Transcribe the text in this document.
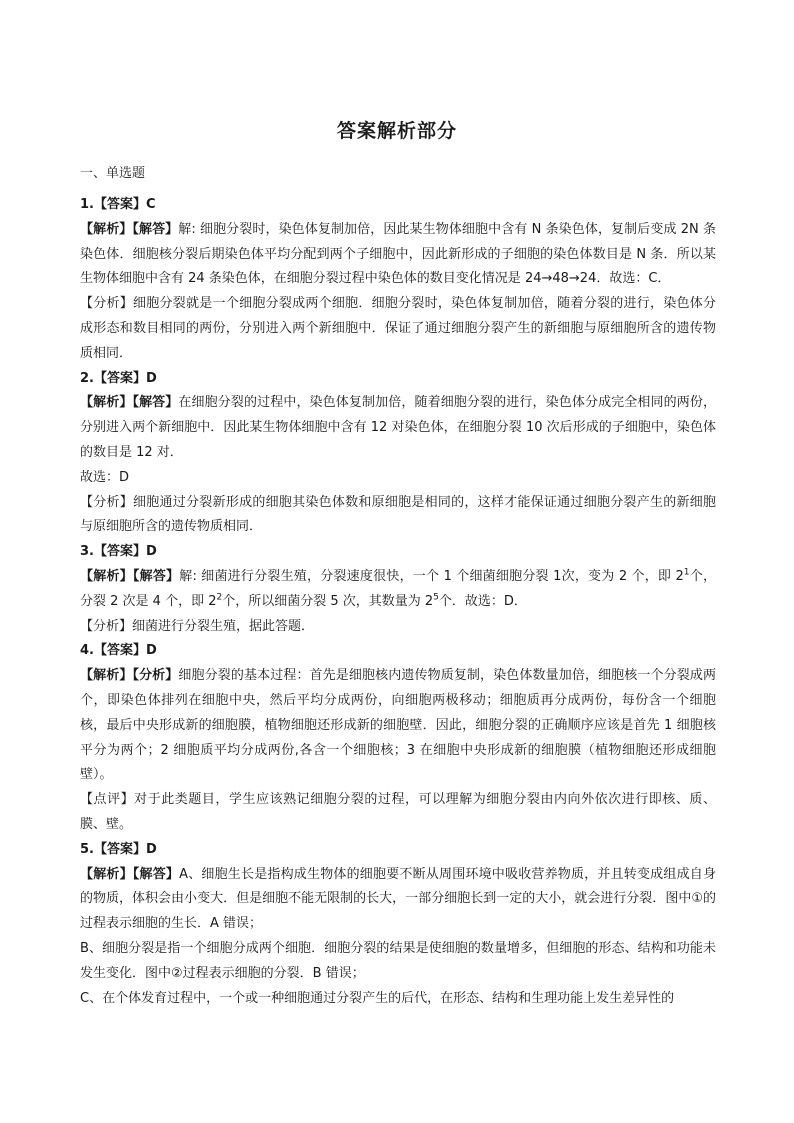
答案解析部分
一、单选题

1.【答案】C

【解析】【解答】解: 细胞分裂时，染色体复制加倍，因此某生物体细胞中含有 N 条染色体，复制后变成 2N 条染色体．细胞核分裂后期染色体平均分配到两个子细胞中，因此新形成的子细胞的染色体数目是 N 条．所以某生物体细胞中含有 24 条染色体，在细胞分裂过程中染色体的数目变化情况是 24→48→24．故选：C．

【分析】细胞分裂就是一个细胞分裂成两个细胞．细胞分裂时，染色体复制加倍，随着分裂的进行，染色体分成形态和数目相同的两份，分别进入两个新细胞中．保证了通过细胞分裂产生的新细胞与原细胞所含的遗传物质相同．

2.【答案】D

【解析】【解答】在细胞分裂的过程中，染色体复制加倍，随着细胞分裂的进行，染色体分成完全相同的两份，分别进入两个新细胞中．因此某生物体细胞中含有 12 对染色体，在细胞分裂 10 次后形成的子细胞中，染色体的数目是 12 对．

故选：D

【分析】细胞通过分裂新形成的细胞其染色体数和原细胞是相同的，这样才能保证通过细胞分裂产生的新细胞与原细胞所含的遗传物质相同．

3.【答案】D

【解析】【解答】解: 细菌进行分裂生殖，分裂速度很快，一个 1 个细菌细胞分裂 1次，变为 2 个，即 $2^1$个，分裂 2 次是 4 个，即 $2^2$个，所以细菌分裂 5 次，其数量为 $2^5$个．故选：D．

【分析】细菌进行分裂生殖，据此答题．

4.【答案】D

【解析】【分析】细胞分裂的基本过程：首先是细胞核内遗传物质复制，染色体数量加倍，细胞核一个分裂成两个，即染色体排列在细胞中央，然后平均分成两份，向细胞两极移动；细胞质再分成两份，每份含一个细胞核，最后中央形成新的细胞膜，植物细胞还形成新的细胞壁．因此，细胞分裂的正确顺序应该是首先 1 细胞核平分为两个；2 细胞质平均分成两份,各含一个细胞核；3 在细胞中央形成新的细胞膜（植物细胞还形成细胞壁）。

【点评】对于此类题目，学生应该熟记细胞分裂的过程，可以理解为细胞分裂由内向外依次进行即核、质、膜、壁。

5.【答案】D

【解析】【解答】A、细胞生长是指构成生物体的细胞要不断从周围环境中吸收营养物质，并且转变成组成自身的物质，体积会由小变大．但是细胞不能无限制的长大，一部分细胞长到一定的大小，就会进行分裂．图中①的过程表示细胞的生长．A 错误；

B、细胞分裂是指一个细胞分成两个细胞．细胞分裂的结果是使细胞的数量增多，但细胞的形态、结构和功能未发生变化．图中②过程表示细胞的分裂．B 错误；

C、在个体发育过程中，一个或一种细胞通过分裂产生的后代，在形态、结构和生理功能上发生差异性的
